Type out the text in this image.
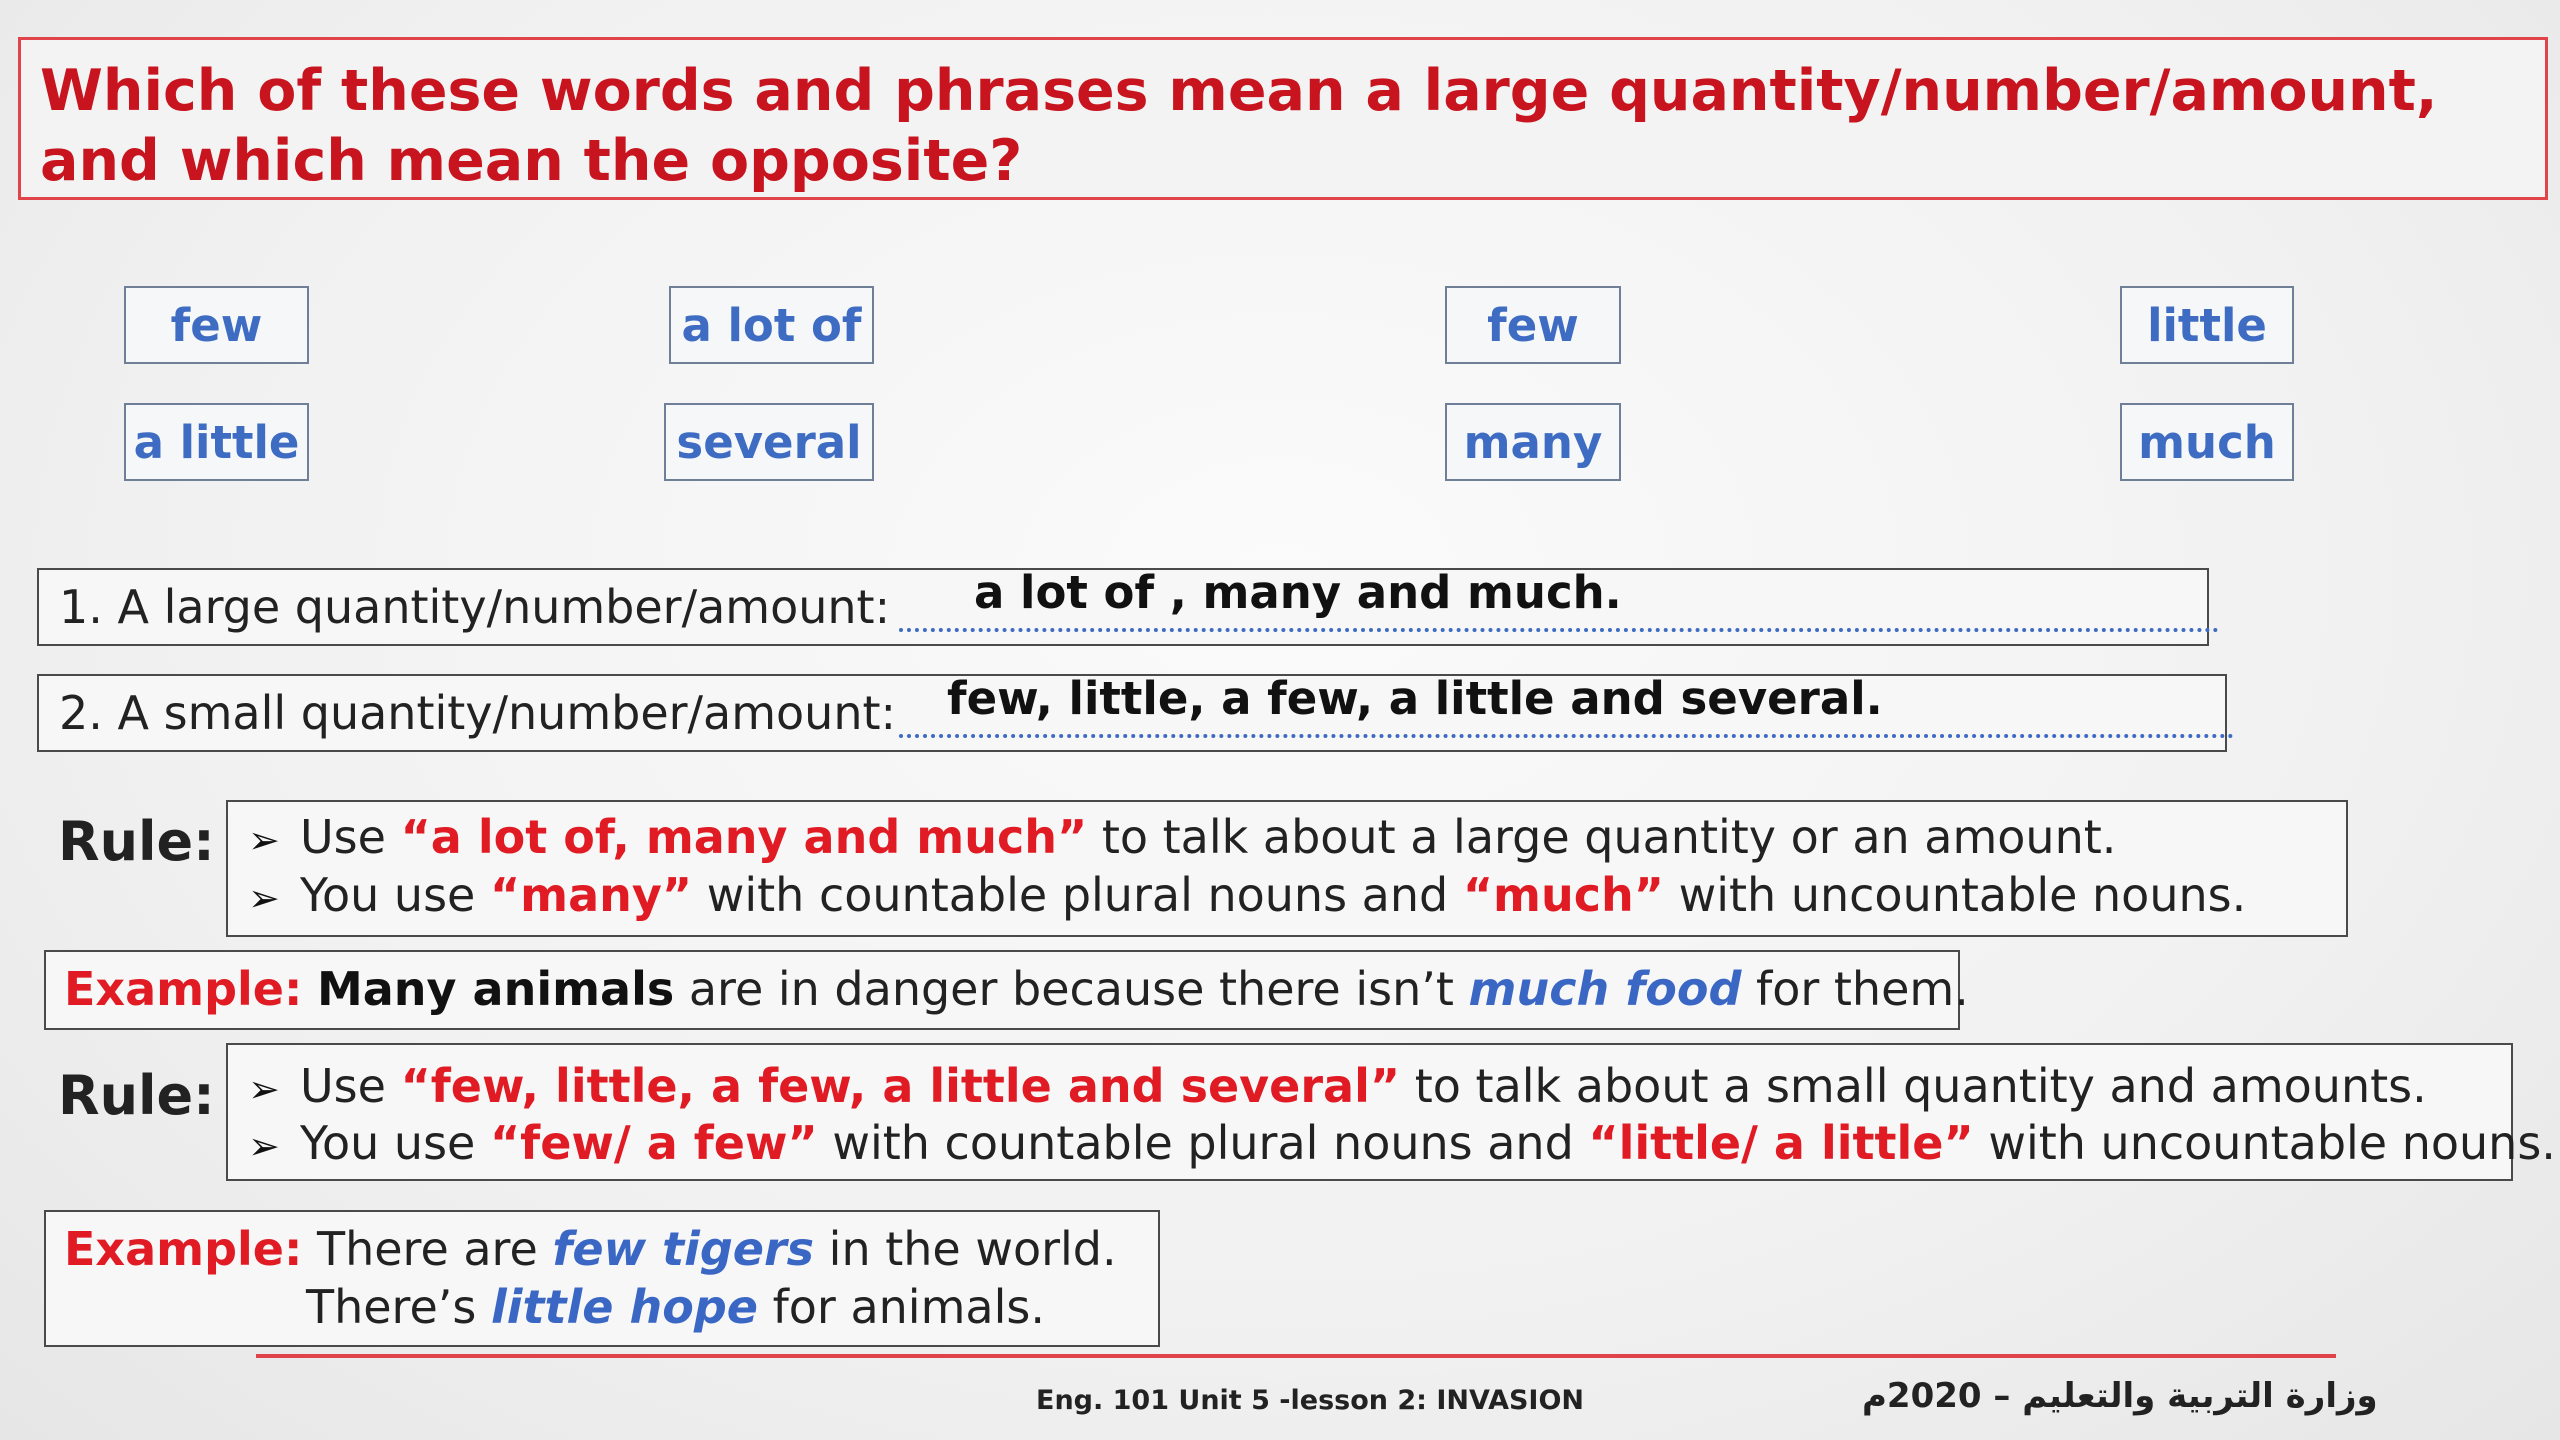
Which of these words and phrases mean a large quantity/number/amount, and which mean the opposite?
few	a lot of	few	little
a little	several	many	much
1. A large quantity/number/amount: a lot of , many and much.
2. A small quantity/number/amount: few, little, a few, a little and several.
Rule: ➢ Use “a lot of, many and much” to talk about a large quantity or an amount.
➢ You use “many” with countable plural nouns and “much” with uncountable nouns.
Example: Many animals are in danger because there isn’t much food for them.
Rule: ➢ Use “few, little, a few, a little and several” to talk about a small quantity and amounts.
➢ You use “few/ a few” with countable plural nouns and “little/ a little” with uncountable nouns.
Example: There are few tigers in the world.
There’s little hope for animals.
Eng. 101 Unit 5 -lesson 2: INVASION	وزارة التربية والتعليم – 2020م
